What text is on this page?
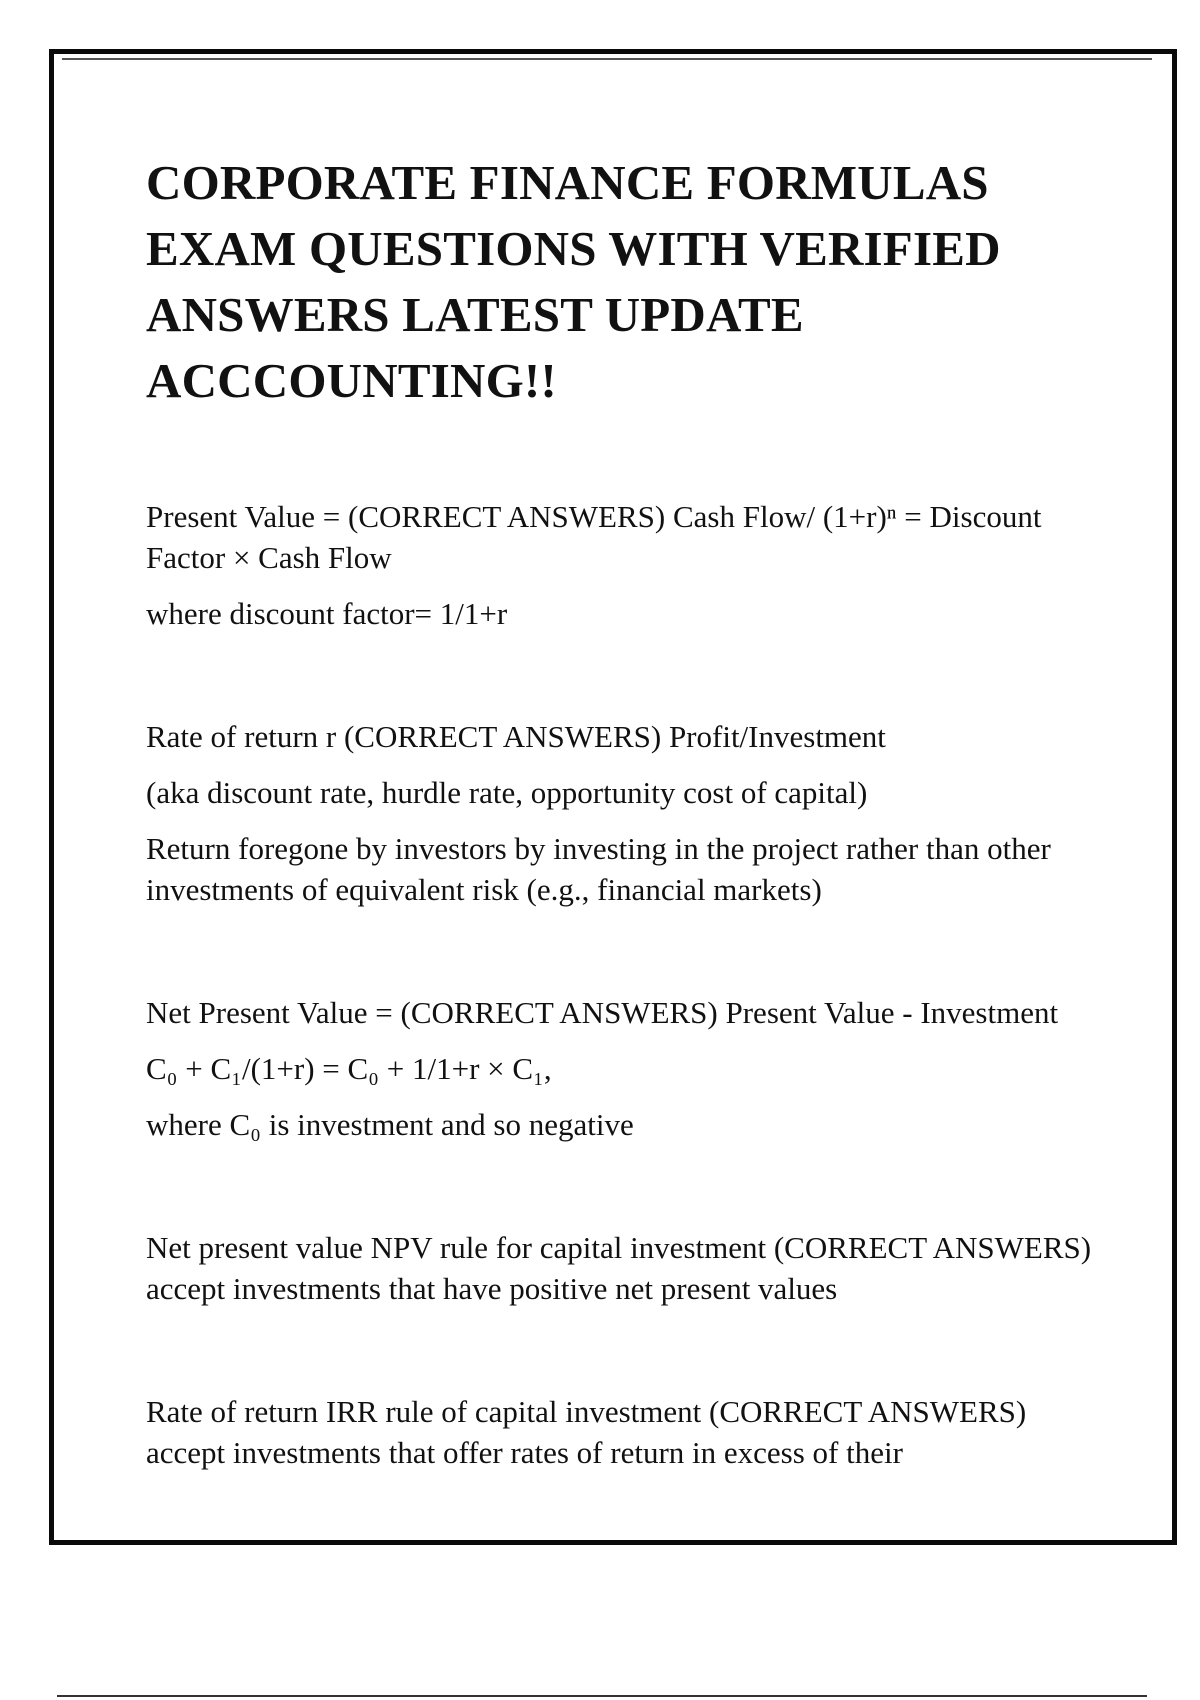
CORPORATE FINANCE FORMULAS EXAM QUESTIONS WITH VERIFIED ANSWERS LATEST UPDATE ACCCOUNTING!!

Present Value = (CORRECT ANSWERS) Cash Flow/ (1+r)ⁿ = Discount Factor × Cash Flow

where discount factor= 1/1+r

Rate of return r (CORRECT ANSWERS) Profit/Investment

(aka discount rate, hurdle rate, opportunity cost of capital)

Return foregone by investors by investing in the project rather than other investments of equivalent risk (e.g., financial markets)

Net Present Value = (CORRECT ANSWERS) Present Value - Investment

C₀ + C₁/(1+r) = C₀ + 1/1+r × C₁,

where C₀ is investment and so negative

Net present value NPV rule for capital investment (CORRECT ANSWERS) accept investments that have positive net present values

Rate of return IRR rule of capital investment (CORRECT ANSWERS) accept investments that offer rates of return in excess of their
